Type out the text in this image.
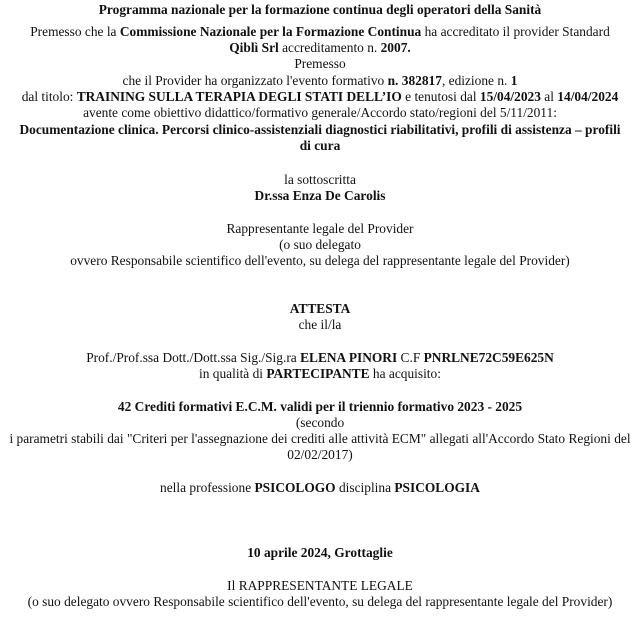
Programma nazionale per la formazione continua degli operatori della Sanità
Premesso che la Commissione Nazionale per la Formazione Continua ha accreditato il provider Standard
Qiblì Srl accreditamento n. 2007.
Premesso
che il Provider ha organizzato l'evento formativo n. 382817, edizione n. 1
dal titolo: TRAINING SULLA TERAPIA DEGLI STATI DELL’IO e tenutosi dal 15/04/2023 al 14/04/2024
avente come obiettivo didattico/formativo generale/Accordo stato/regioni del 5/11/2011:
Documentazione clinica. Percorsi clinico-assistenziali diagnostici riabilitativi, profili di assistenza – profili
di cura
la sottoscritta
Dr.ssa Enza De Carolis
Rappresentante legale del Provider
(o suo delegato
ovvero Responsabile scientifico dell'evento, su delega del rappresentante legale del Provider)
ATTESTA
che il/la
Prof./Prof.ssa Dott./Dott.ssa Sig./Sig.ra ELENA PINORI C.F PNRLNE72C59E625N
in qualità di PARTECIPANTE ha acquisito:
42 Crediti formativi E.C.M. validi per il triennio formativo 2023 - 2025
(secondo
i parametri stabili dai "Criteri per l'assegnazione dei crediti alle attività ECM" allegati all'Accordo Stato Regioni del
02/02/2017)
nella professione PSICOLOGO disciplina PSICOLOGIA
10 aprile 2024, Grottaglie
Il RAPPRESENTANTE LEGALE
(o suo delegato ovvero Responsabile scientifico dell'evento, su delega del rappresentante legale del Provider)
